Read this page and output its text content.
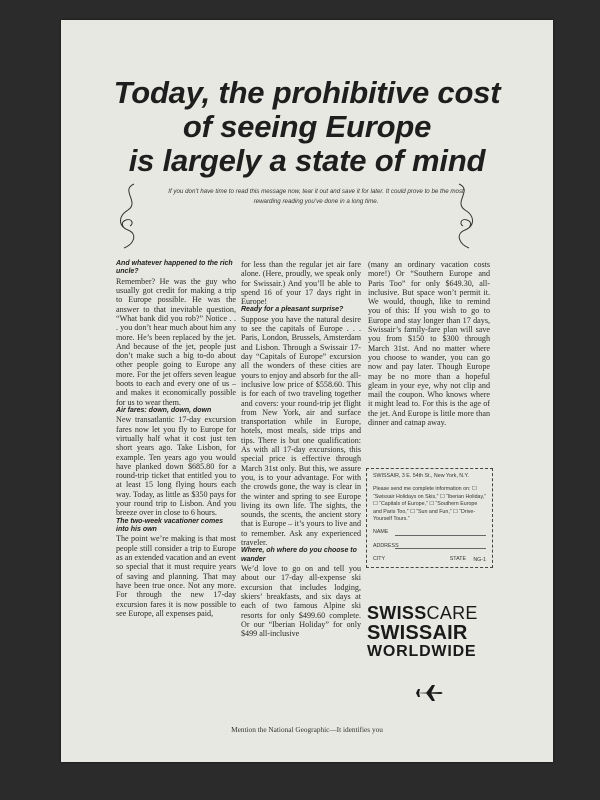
Today, the prohibitive cost
of seeing Europe
is largely a state of mind
If you don’t have time to read this message now, tear it out and save it for later. It could prove to be the most rewarding reading you’ve done in a long time.

And whatever happened to the rich uncle?

Remember? He was the guy who usually got credit for making a trip to Europe possible. He was the answer to that inevitable question, “What bank did you rob?” Notice . . . you don’t hear much about him any more. He’s been replaced by the jet. And because of the jet, people just don’t make such a big to-do about other people going to Europe any more. For the jet offers seven league boots to each and every one of us – and makes it economically possible for us to wear them.

Air fares: down, down, down

New transatlantic 17-day excursion fares now let you fly to Europe for virtually half what it cost just ten short years ago. Take Lisbon, for example. Ten years ago you would have planked down $685.80 for a round-trip ticket that entitled you to at least 15 long flying hours each way. Today, as little as $350 pays for your round trip to Lisbon. And you breeze over in close to 6 hours.

The two-week vacationer comes into his own

The point we’re making is that most people still consider a trip to Europe as an extended vacation and an event so special that it must require years of saving and planning. That may have been true once. Not any more. For through the new 17-day excursion fares it is now possible to see Europe, all expenses paid,

for less than the regular jet air fare alone. (Here, proudly, we speak only for Swissair.) And you’ll be able to spend 16 of your 17 days right in Europe!

Ready for a pleasant surprise?

Suppose you have the natural desire to see the capitals of Europe . . . Paris, London, Brussels, Amsterdam and Lisbon. Through a Swissair 17-day “Capitals of Europe” excursion all the wonders of these cities are yours to enjoy and absorb for the all-inclusive low price of $558.60. This is for each of two traveling together and covers: your round-trip jet flight from New York, air and surface transportation while in Europe, hotels, most meals, side trips and tips. There is but one qualification: As with all 17-day excursions, this special price is effective through March 31st only. But this, we assure you, is to your advantage. For with the crowds gone, the way is clear in the winter and spring to see Europe living its own life. The sights, the sounds, the scents, the ancient story that is Europe – it’s yours to live and to remember. Ask any experienced traveler.

Where, oh where do you choose to wander

We’d love to go on and tell you about our 17-day all-expense ski excursion that includes lodging, skiers’ breakfasts, and six days at each of two famous Alpine ski resorts for only $499.60 complete. Or our “Iberian Holiday” for only $499 all-inclusive

(many an ordinary vacation costs more!) Or “Southern Europe and Paris Too” for only $649.30, all-inclusive. But space won’t permit it. We would, though, like to remind you of this: If you wish to go to Europe and stay longer than 17 days, Swissair’s family-fare plan will save you from $150 to $300 through March 31st. And no matter where you choose to wander, you can go now and pay later. Though Europe may be no more than a hopeful gleam in your eye, why not clip and mail the coupon. Who knows where it might lead to. For this is the age of the jet. And Europe is little more than dinner and catnap away.

SWISSAIR, 3 E. 54th St., New York, N.Y.
Please send me complete information on: ☐ “Swissair Holidays on Skis,” ☐ “Iberian Holiday,” ☐ “Capitals of Europe,” ☐ “Southern Europe and Paris Too,” ☐ “Sun and Fun,” ☐ “Drive-Yourself Tours.”
NAME
ADDRESS
CITY	STATE NG-1
SWISSCARE
SWISSAIR
WORLDWIDE
Mention the National Geographic—It identifies you
